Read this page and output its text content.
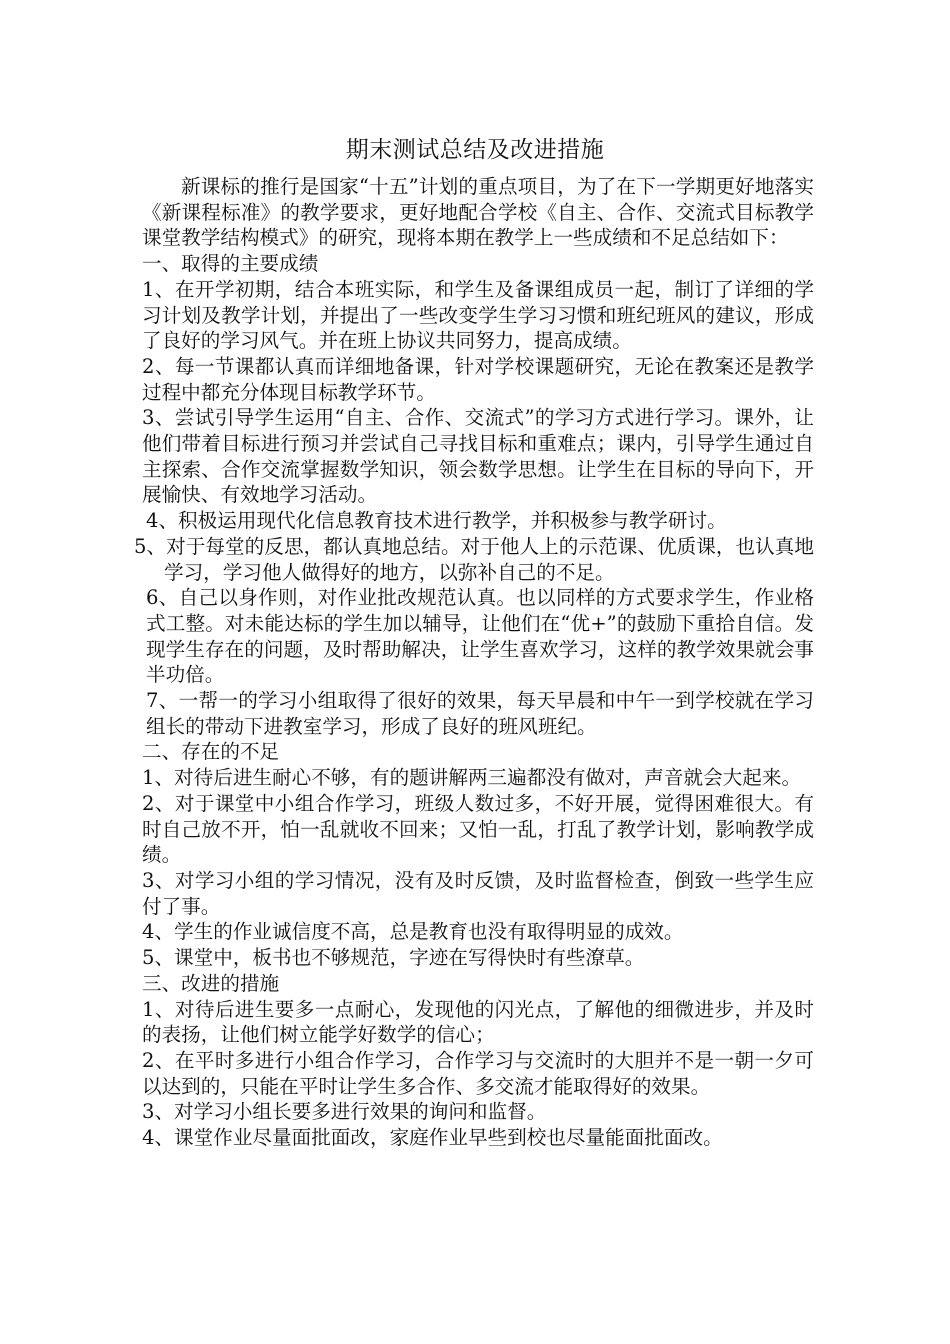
期末测试总结及改进措施

新课标的推行是国家“十五”计划的重点项目，为了在下一学期更好地落实《新课程标准》的教学要求，更好地配合学校《自主、合作、交流式目标教学课堂教学结构模式》的研究，现将本期在教学上一些成绩和不足总结如下：

一、取得的主要成绩

1、在开学初期，结合本班实际，和学生及备课组成员一起，制订了详细的学习计划及教学计划，并提出了一些改变学生学习习惯和班纪班风的建议，形成了良好的学习风气。并在班上协议共同努力，提高成绩。

2、每一节课都认真而详细地备课，针对学校课题研究，无论在教案还是教学过程中都充分体现目标教学环节。

3、尝试引导学生运用“自主、合作、交流式”的学习方式进行学习。课外，让他们带着目标进行预习并尝试自己寻找目标和重难点；课内，引导学生通过自主探索、合作交流掌握数学知识，领会数学思想。让学生在目标的导向下，开展愉快、有效地学习活动。

4、积极运用现代化信息教育技术进行教学，并积极参与教学研讨。

5、对于每堂的反思，都认真地总结。对于他人上的示范课、优质课，也认真地学习，学习他人做得好的地方，以弥补自己的不足。

6、自己以身作则，对作业批改规范认真。也以同样的方式要求学生，作业格式工整。对未能达标的学生加以辅导，让他们在“优+”的鼓励下重拾自信。发现学生存在的问题，及时帮助解决，让学生喜欢学习，这样的教学效果就会事半功倍。

7、一帮一的学习小组取得了很好的效果，每天早晨和中午一到学校就在学习组长的带动下进教室学习，形成了良好的班风班纪。

二、存在的不足

1、对待后进生耐心不够，有的题讲解两三遍都没有做对，声音就会大起来。

2、对于课堂中小组合作学习，班级人数过多，不好开展，觉得困难很大。有时自己放不开，怕一乱就收不回来；又怕一乱，打乱了教学计划，影响教学成绩。

3、对学习小组的学习情况，没有及时反馈，及时监督检查，倒致一些学生应付了事。

4、学生的作业诚信度不高，总是教育也没有取得明显的成效。

5、课堂中，板书也不够规范，字迹在写得快时有些潦草。

三、改进的措施

1、对待后进生要多一点耐心，发现他的闪光点，了解他的细微进步，并及时的表扬，让他们树立能学好数学的信心；

2、在平时多进行小组合作学习，合作学习与交流时的大胆并不是一朝一夕可以达到的，只能在平时让学生多合作、多交流才能取得好的效果。

3、对学习小组长要多进行效果的询问和监督。

4、课堂作业尽量面批面改，家庭作业早些到校也尽量能面批面改。
